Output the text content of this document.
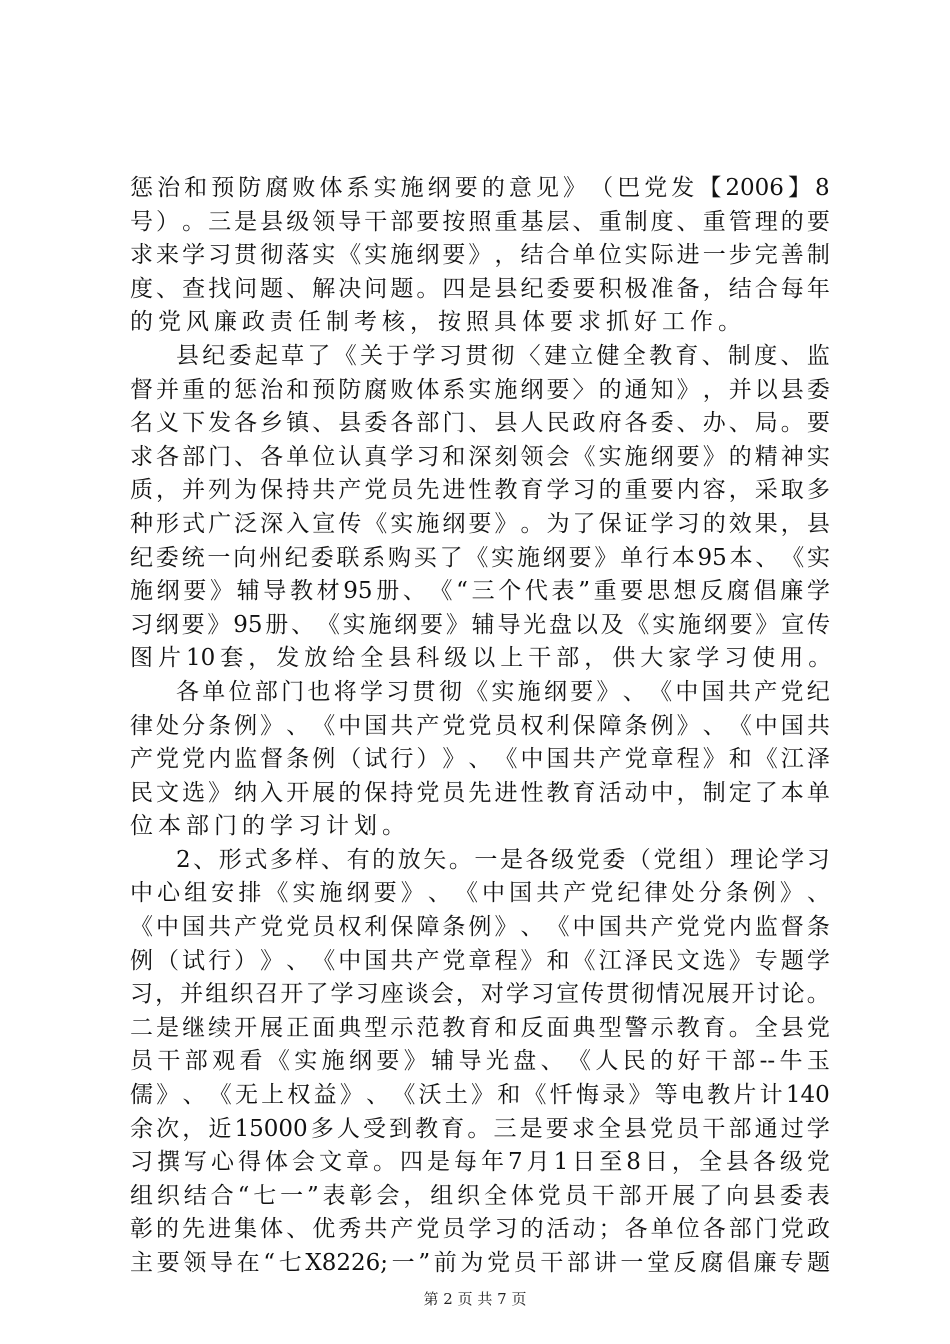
惩 治 和 预 防 腐 败 体 系 实 施 纲 要 的 意 见 》 （ 巴 党 发 【 2006 】 8
号 ） 。 三 是 县 级 领 导 干 部 要 按 照 重 基 层 、 重 制 度 、 重 管 理 的 要
求 来 学 习 贯 彻 落 实 《 实 施 纲 要 》 ， 结 合 单 位 实 际 进 一 步 完 善 制
度 、 查 找 问 题 、 解 决 问 题 。 四 是 县 纪 委 要 积 极 准 备 ， 结 合 每 年
的 党 风 廉 政 责 任 制 考 核 ， 按 照 具 体 要 求 抓 好 工 作 。
县 纪 委 起 草 了 《 关 于 学 习 贯 彻 〈 建 立 健 全 教 育 、 制 度 、 监
督 并 重 的 惩 治 和 预 防 腐 败 体 系 实 施 纲 要 〉 的 通 知 》 ， 并 以 县 委
名 义 下 发 各 乡 镇 、 县 委 各 部 门 、 县 人 民 政 府 各 委 、 办 、 局 。 要
求 各 部 门 、 各 单 位 认 真 学 习 和 深 刻 领 会 《 实 施 纲 要 》 的 精 神 实
质 ， 并 列 为 保 持 共 产 党 员 先 进 性 教 育 学 习 的 重 要 内 容 ， 采 取 多
种 形 式 广 泛 深 入 宣 传 《 实 施 纲 要 》 。 为 了 保 证 学 习 的 效 果 ， 县
纪 委 统 一 向 州 纪 委 联 系 购 买 了 《 实 施 纲 要 》 单 行 本 95 本 、 《 实
施 纲 要 》 辅 导 教 材 95 册 、 《 “ 三 个 代 表 ” 重 要 思 想 反 腐 倡 廉 学
习 纲 要 》 95 册 、 《 实 施 纲 要 》 辅 导 光 盘 以 及 《 实 施 纲 要 》 宣 传
图 片 10 套 ， 发 放 给 全 县 科 级 以 上 干 部 ， 供 大 家 学 习 使 用 。
各 单 位 部 门 也 将 学 习 贯 彻 《 实 施 纲 要 》 、 《 中 国 共 产 党 纪
律 处 分 条 例 》 、 《 中 国 共 产 党 党 员 权 利 保 障 条 例 》 、 《 中 国 共
产 党 党 内 监 督 条 例 （ 试 行 ） 》 、 《 中 国 共 产 党 章 程 》 和 《 江 泽
民 文 选 》 纳 入 开 展 的 保 持 党 员 先 进 性 教 育 活 动 中 ， 制 定 了 本 单
位 本 部 门 的 学 习 计 划 。
2 、 形 式 多 样 、 有 的 放 矢 。 一 是 各 级 党 委 （ 党 组 ） 理 论 学 习
中 心 组 安 排 《 实 施 纲 要 》 、 《 中 国 共 产 党 纪 律 处 分 条 例 》 、
《 中 国 共 产 党 党 员 权 利 保 障 条 例 》 、 《 中 国 共 产 党 党 内 监 督 条
例 （ 试 行 ） 》 、 《 中 国 共 产 党 章 程 》 和 《 江 泽 民 文 选 》 专 题 学
习 ， 并 组 织 召 开 了 学 习 座 谈 会 ， 对 学 习 宣 传 贯 彻 情 况 展 开 讨 论 。
二 是 继 续 开 展 正 面 典 型 示 范 教 育 和 反 面 典 型 警 示 教 育 。 全 县 党
员 干 部 观 看 《 实 施 纲 要 》 辅 导 光 盘 、 《 人 民 的 好 干 部 -- 牛 玉
儒 》 、 《 无 上 权 益 》 、 《 沃 土 》 和 《 忏 悔 录 》 等 电 教 片 计 140
余 次 ， 近 15000 多 人 受 到 教 育 。 三 是 要 求 全 县 党 员 干 部 通 过 学
习 撰 写 心 得 体 会 文 章 。 四 是 每 年 7 月 1 日 至 8 日 ， 全 县 各 级 党
组 织 结 合 “ 七 一 ” 表 彰 会 ， 组 织 全 体 党 员 干 部 开 展 了 向 县 委 表
彰 的 先 进 集 体 、 优 秀 共 产 党 员 学 习 的 活 动 ； 各 单 位 各 部 门 党 政
主 要 领 导 在 “ 七 X8226; 一 ” 前 为 党 员 干 部 讲 一 堂 反 腐 倡 廉 专 题
第 2 页 共 7 页
